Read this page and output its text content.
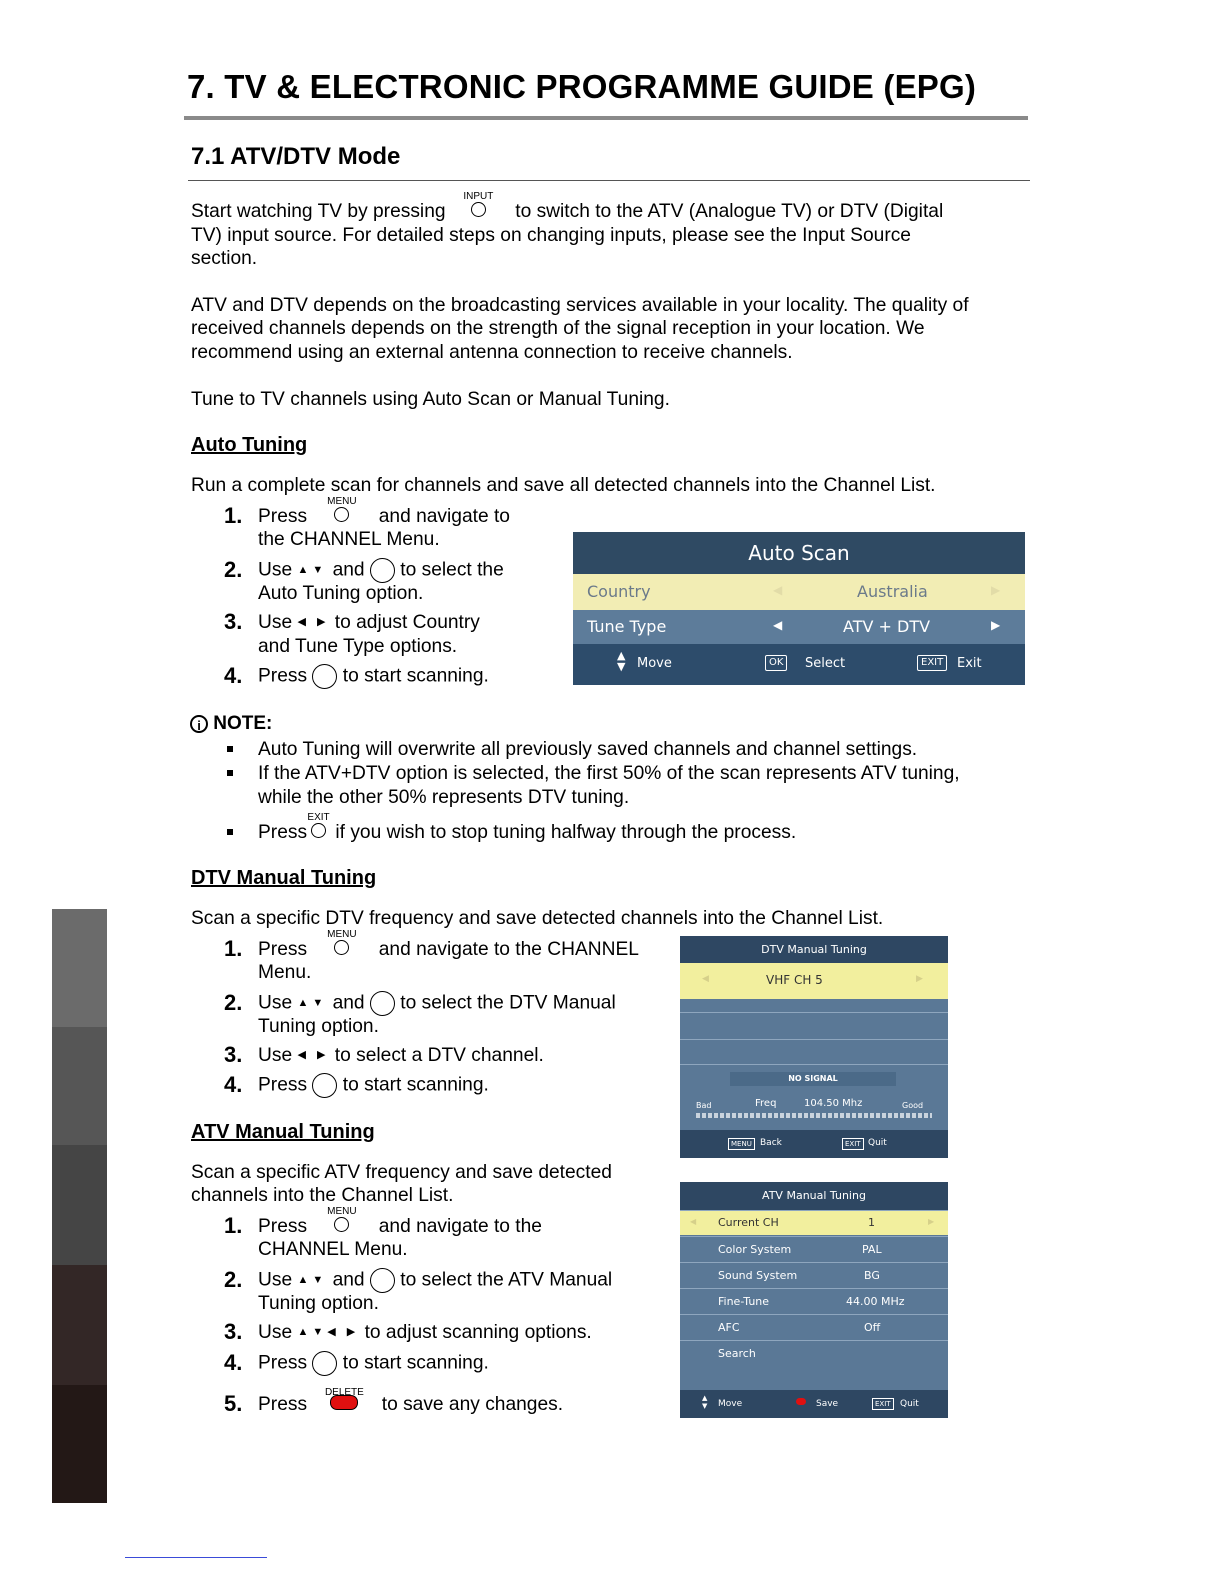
7. TV & ELECTRONIC PROGRAMME GUIDE (EPG)
7.1 ATV/DTV Mode
Start watching TV by pressing
INPUT
to switch to the ATV (Analogue TV) or DTV (Digital
TV) input source. For detailed steps on changing inputs, please see the Input Source
section.
ATV and DTV depends on the broadcasting services available in your locality. The quality of
received channels depends on the strength of the signal reception in your location. We
recommend using an external antenna connection to receive channels.
Tune to TV channels using Auto Scan or Manual Tuning.
Auto Tuning
Run a complete scan for channels and save all detected channels into the Channel List.
1. Press
MENU
and navigate to
the CHANNEL Menu.
2. Use ▲▼ and to select the
Auto Tuning option.
3. Use ◀ ▶ to adjust Country
and Tune Type options.
4. Press to start scanning.
Auto Scan
Country	◀	Australia	▶
Tune Type	◀	ATV + DTV	▶
▲
▼ Move	OK	Select	EXIT	Exit
i NOTE:
Auto Tuning will overwrite all previously saved channels and channel settings.
If the ATV+DTV option is selected, the first 50% of the scan represents ATV tuning,
while the other 50% represents DTV tuning.
Press
EXIT
if you wish to stop tuning halfway through the process.
DTV Manual Tuning
Scan a specific DTV frequency and save detected channels into the Channel List.
1. Press
MENU
and navigate to the CHANNEL
Menu.
2. Use ▲▼ and to select the DTV Manual
Tuning option.
3. Use ◀ ▶ to select a DTV channel.
4. Press to start scanning.
DTV Manual Tuning
◀	VHF CH 5	▶
NO SIGNAL
Bad	Freq	104.50 Mhz	Good
MENU Back	EXIT Quit
ATV Manual Tuning
Scan a specific ATV frequency and save detected
channels into the Channel List.
1. Press
MENU
and navigate to the
CHANNEL Menu.
2. Use ▲▼ and to select the ATV Manual
Tuning option.
3. Use ▲▼◀ ▶ to adjust scanning options.
4. Press to start scanning.
5. Press
DELETE
to save any changes.
ATV Manual Tuning
◀ Current CH	1	▶
Color System	PAL
Sound System	BG
Fine-Tune	44.00 MHz
AFC	Off
Search
▲
▼ Move	Save	EXIT	Quit
